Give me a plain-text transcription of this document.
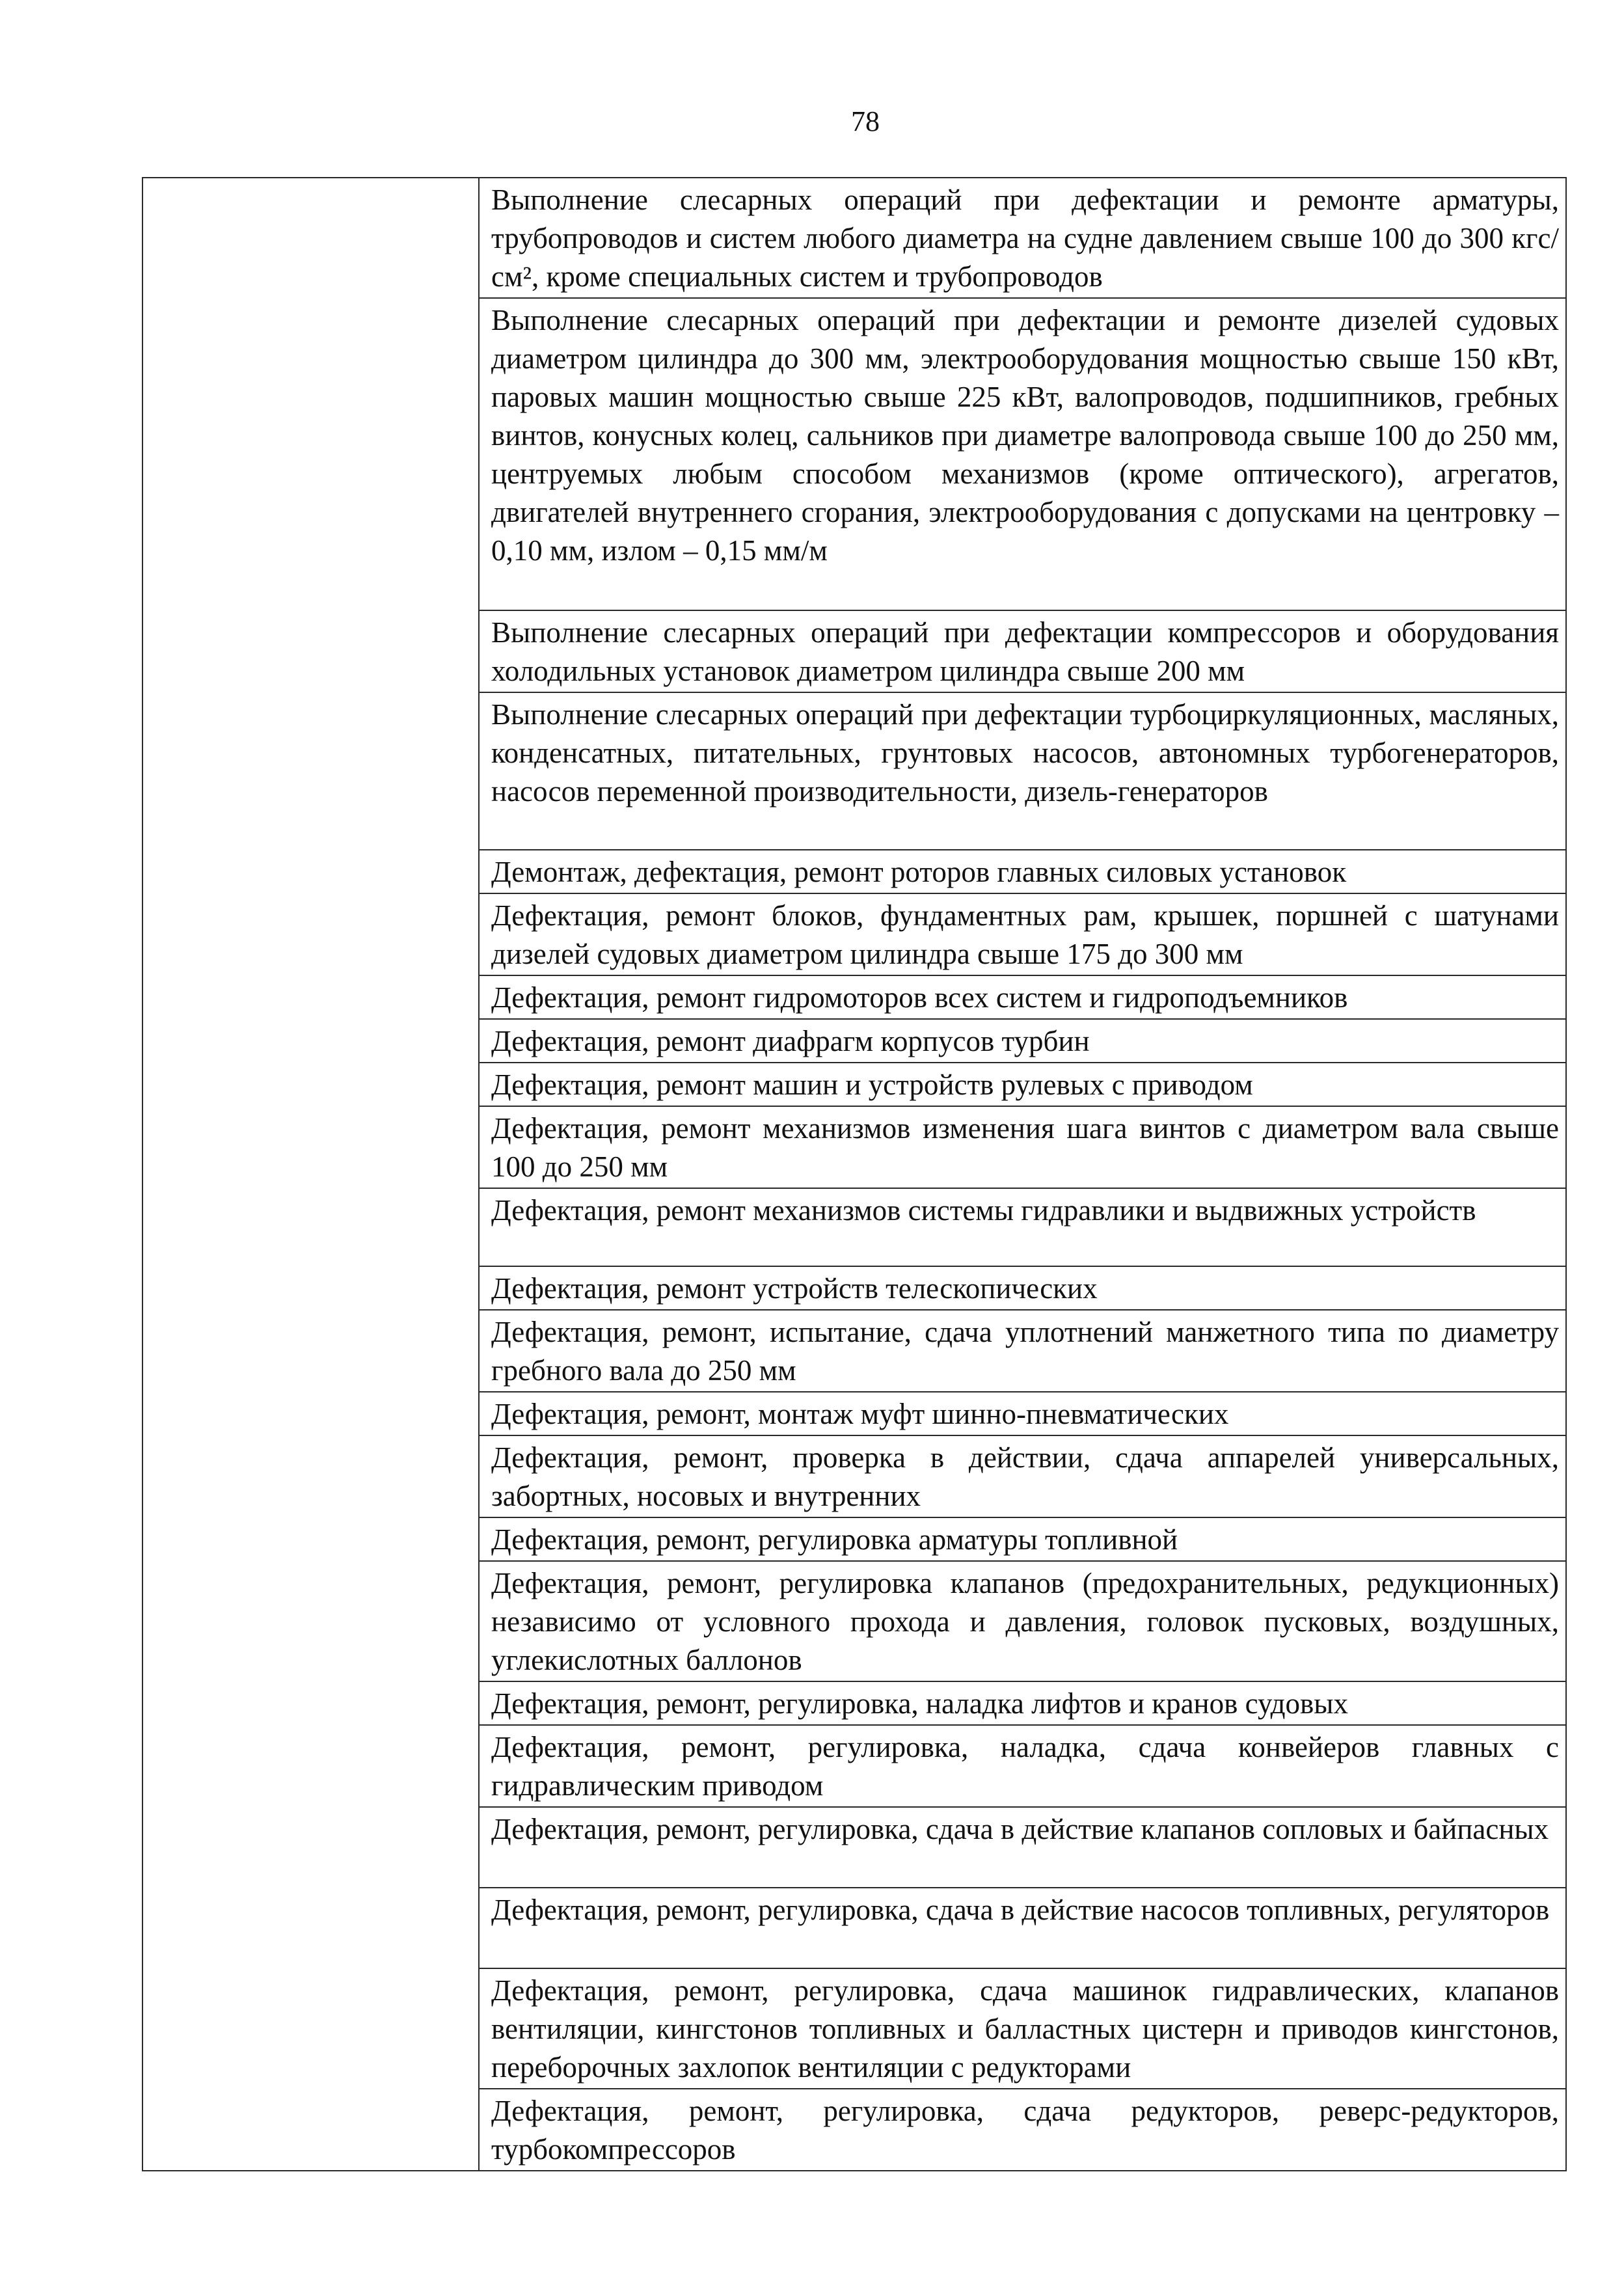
78

Выполнение слесарных операций при дефектации и ремонте арматуры, трубопроводов и систем любого диаметра на судне давлением свыше 100 до 300 кгс/см², кроме специальных систем и трубопроводов

Выполнение слесарных операций при дефектации и ремонте дизелей судовых диаметром цилиндра до 300 мм, электрооборудования мощностью свыше 150 кВт, паровых машин мощностью свыше 225 кВт, валопроводов, подшипников, гребных винтов, конусных колец, сальников при диаметре валопровода свыше 100 до 250 мм, центруемых любым способом механизмов (кроме оптического), агрегатов, двигателей внутреннего сгорания, электрооборудования с допусками на центровку – 0,10 мм, излом – 0,15 мм/м

Выполнение слесарных операций при дефектации компрессоров и оборудования холодильных установок диаметром цилиндра свыше 200 мм

Выполнение слесарных операций при дефектации турбоциркуляционных, масляных, конденсатных, питательных, грунтовых насосов, автономных турбогенераторов, насосов переменной производительности, дизель-генераторов

Демонтаж, дефектация, ремонт роторов главных силовых установок

Дефектация, ремонт блоков, фундаментных рам, крышек, поршней с шатунами дизелей судовых диаметром цилиндра свыше 175 до 300 мм

Дефектация, ремонт гидромоторов всех систем и гидроподъемников

Дефектация, ремонт диафрагм корпусов турбин

Дефектация, ремонт машин и устройств рулевых с приводом

Дефектация, ремонт механизмов изменения шага винтов с диаметром вала свыше 100 до 250 мм

Дефектация, ремонт механизмов системы гидравлики и выдвижных устройств

Дефектация, ремонт устройств телескопических

Дефектация, ремонт, испытание, сдача уплотнений манжетного типа по диаметру гребного вала до 250 мм

Дефектация, ремонт, монтаж муфт шинно-пневматических

Дефектация, ремонт, проверка в действии, сдача аппарелей универсальных, забортных, носовых и внутренних

Дефектация, ремонт, регулировка арматуры топливной

Дефектация, ремонт, регулировка клапанов (предохранительных, редукционных) независимо от условного прохода и давления, головок пусковых, воздушных, углекислотных баллонов

Дефектация, ремонт, регулировка, наладка лифтов и кранов судовых

Дефектация, ремонт, регулировка, наладка, сдача конвейеров главных с гидравлическим приводом

Дефектация, ремонт, регулировка, сдача в действие клапанов сопловых и байпасных

Дефектация, ремонт, регулировка, сдача в действие насосов топливных, регуляторов

Дефектация, ремонт, регулировка, сдача машинок гидравлических, клапанов вентиляции, кингстонов топливных и балластных цистерн и приводов кингстонов, переборочных захлопок вентиляции с редукторами

Дефектация, ремонт, регулировка, сдача редукторов, реверс-редукторов, турбокомпрессоров
